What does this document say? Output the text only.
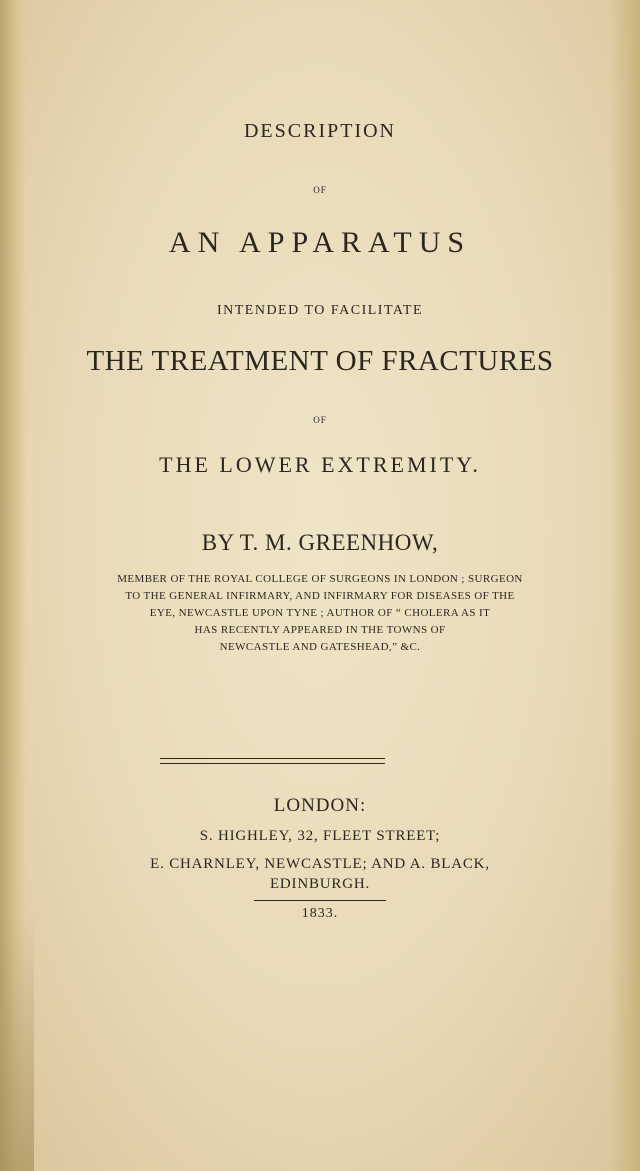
DESCRIPTION
OF
AN APPARATUS
INTENDED TO FACILITATE
THE TREATMENT OF FRACTURES
OF
THE LOWER EXTREMITY.
BY T. M. GREENHOW,
MEMBER OF THE ROYAL COLLEGE OF SURGEONS IN LONDON ; SURGEON
TO THE GENERAL INFIRMARY, AND INFIRMARY FOR DISEASES OF THE
EYE, NEWCASTLE UPON TYNE ; AUTHOR OF “ CHOLERA AS IT
HAS RECENTLY APPEARED IN THE TOWNS OF
NEWCASTLE AND GATESHEAD,” &C.
LONDON:
S. HIGHLEY, 32, FLEET STREET;
E. CHARNLEY, NEWCASTLE; AND A. BLACK,
EDINBURGH.
1833.
